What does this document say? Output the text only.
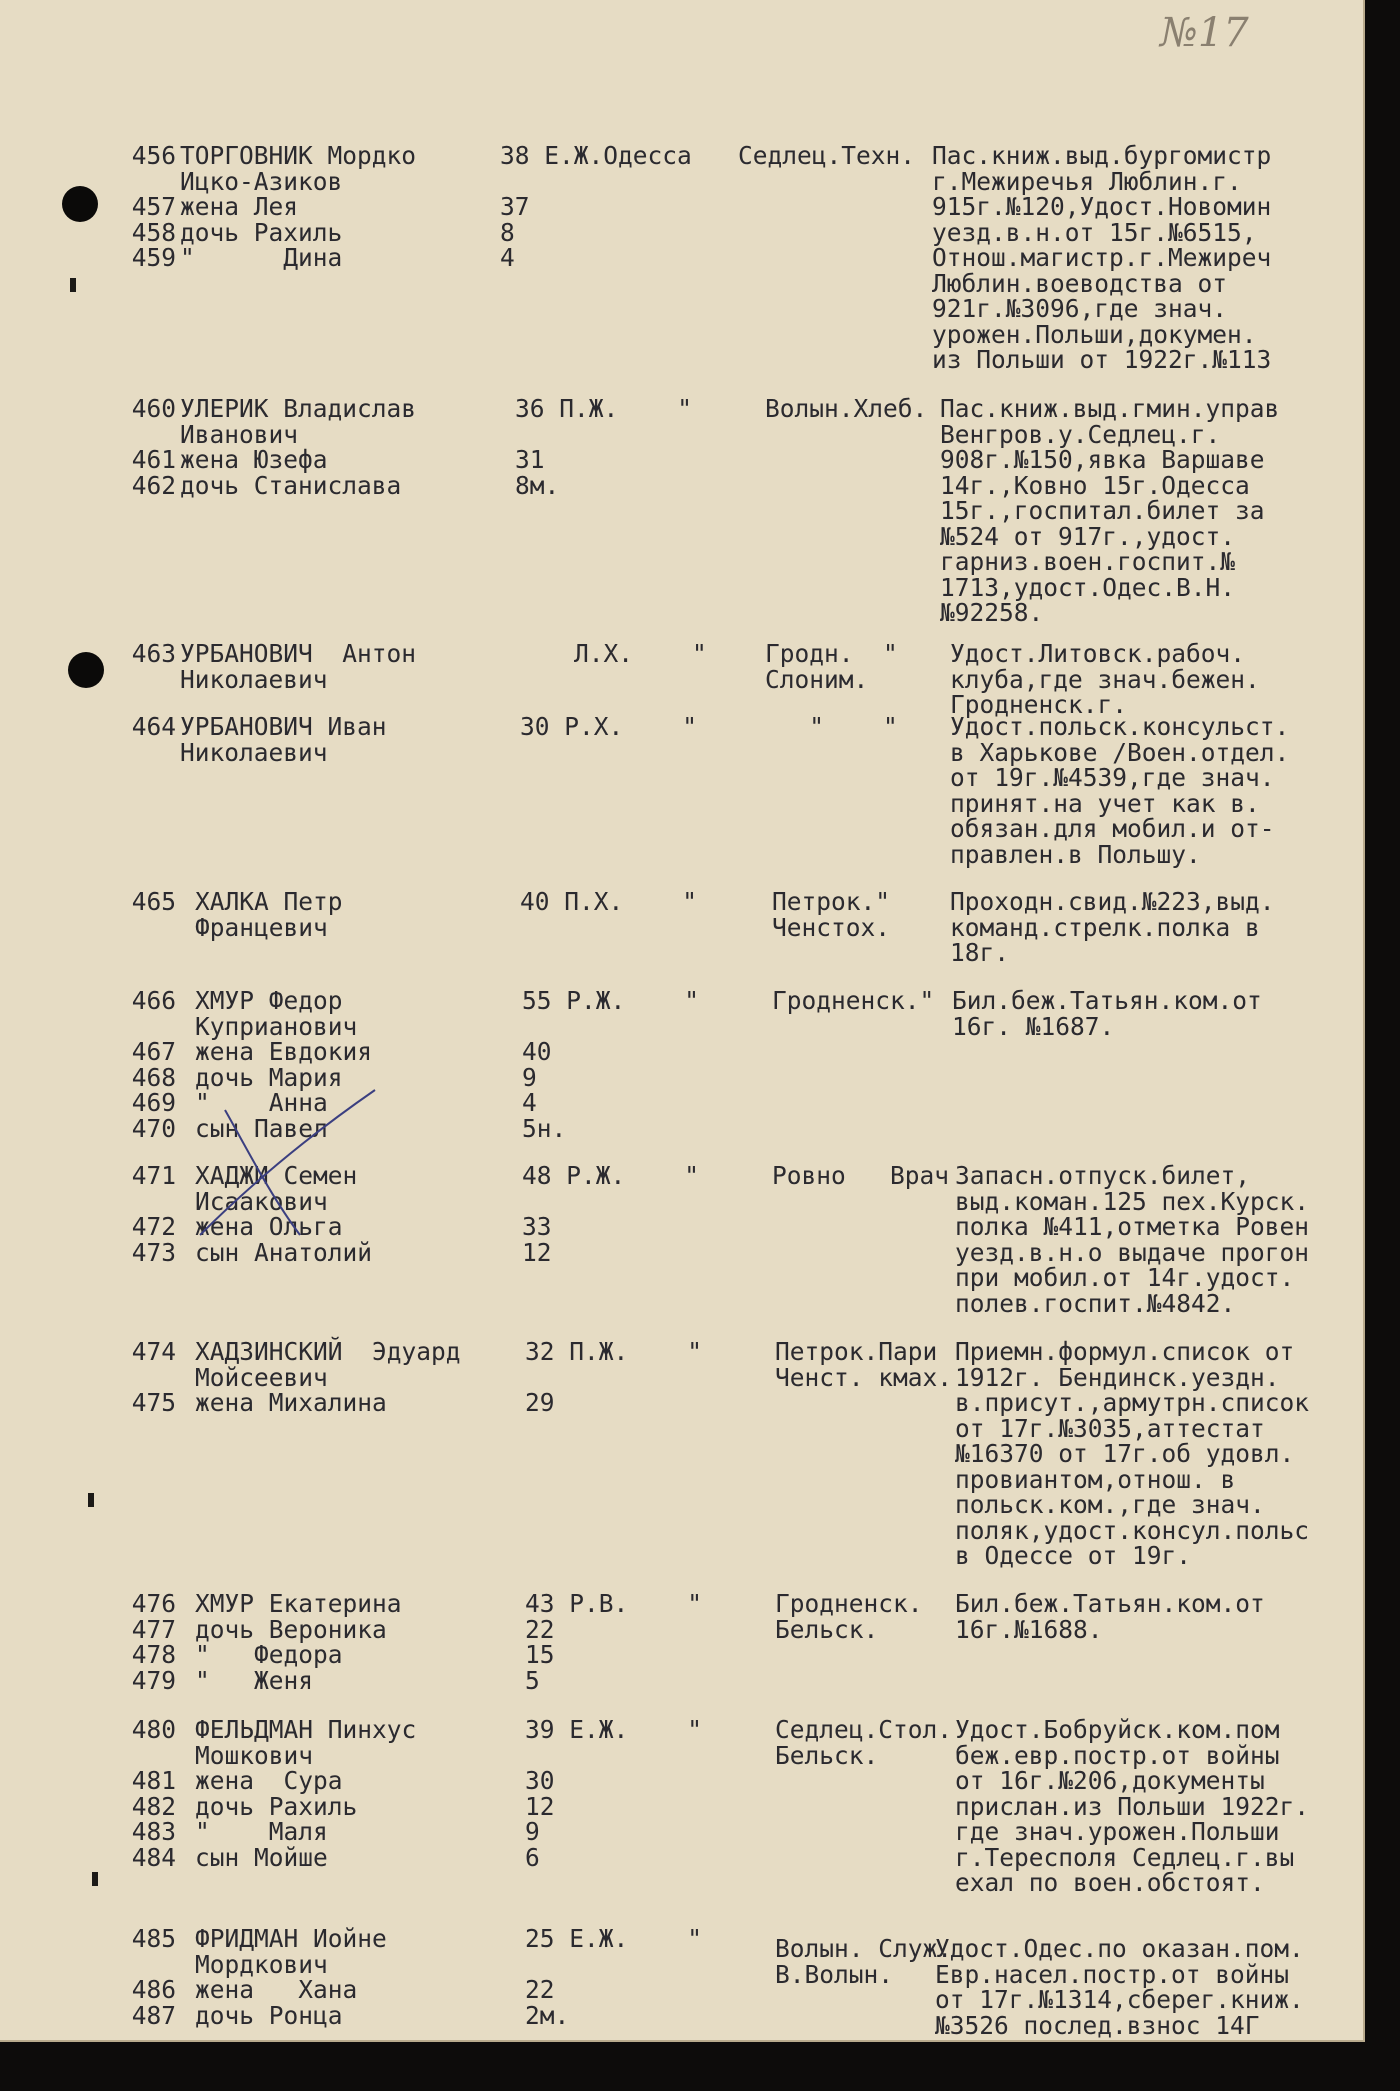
№17

456

457
458
459

ТОРГОВНИК Мордко
Ицко-Азиков
жена Лея
дочь Рахиль
"      Дина

38 Е.Ж.Одесса

37
8
4

Седлец.Техн.

Пас.книж.выд.бургомистр
г.Межиречья Люблин.г.
915г.№120,Удост.Новомин
уезд.в.н.от 15г.№6515,
Отнош.магистр.г.Межиреч
Люблин.воеводства от
921г.№3096,где знач.
урожен.Польши,докумен.
из Польши от 1922г.№113

460

461
462

УЛЕРИК Владислав
Иванович
жена Юзефа
дочь Станислава

36 П.Ж.    "

31
8м.

Волын.Хлеб.

Пас.книж.выд.гмин.управ
Венгров.у.Седлец.г.
908г.№150,явка Варшаве
14г.,Ковно 15г.Одесса
15г.,госпитал.билет за
№524 от 917г.,удост.
гарниз.воен.госпит.№
1713,удост.Одес.В.Н.
№92258.

463

УРБАНОВИЧ  Антон
Николаевич

Л.Х.    "

Гродн.  "
Слоним.

Удост.Литовск.рабоч.
клуба,где знач.бежен.
Гродненск.г.

464

УРБАНОВИЧ Иван
Николаевич

30 Р.Х.    "

	"    "

Удост.польск.консульст.
в Харькове /Воен.отдел.
от 19г.№4539,где знач.
принят.на учет как в.
обязан.для мобил.и от-
правлен.в Польшу.

465

ХАЛКА Петр
Францевич

40 П.Х.    "

	Петрок."
Ченстох.

Проходн.свид.№223,выд.
команд.стрелк.полка в
18г.

466

467
468
469
470

ХМУР Федор
Куприанович
жена Евдокия
дочь Мария
"    Анна
сын Павел

55 Р.Ж.    "

40
9
4
5н.

Гродненск."

Бил.беж.Татьян.ком.от
16г. №1687.

471

472
473

ХАДЖИ Семен
Исаакович
жена Ольга
сын Анатолий

48 Р.Ж.    "

33
12

Ровно   Врач

Запасн.отпуск.билет,
выд.коман.125 пех.Курск.
полка №411,отметка Ровен
уезд.в.н.о выдаче прогон
при мобил.от 14г.удост.
полев.госпит.№4842.

474

475

ХАДЗИНСКИЙ  Эдуард
Мойсеевич
жена Михалина

32 П.Ж.    "

29

Петрок.Пари
Ченст. кмах.

Приемн.формул.список от
1912г. Бендинск.уездн.
в.присут.,армутрн.список
от 17г.№3035,аттестат
№16370 от 17г.об удовл.
провиантом,отнош. в
польск.ком.,где знач.
поляк,удост.консул.польс
в Одессе от 19г.

476
477
478
479

ХМУР Екатерина
дочь Вероника
"   Федора
"   Женя

43 Р.В.    "
22
15
5

Гродненск.
Бельск.

Бил.беж.Татьян.ком.от
16г.№1688.

480

481
482
483
484

ФЕЛЬДМАН Пинхус
Мошкович
жена  Сура
дочь Рахиль
"    Маля
сын Мойше

39 Е.Ж.    "

30
12
9
6

Седлец.Стол.
Бельск.

Удост.Бобруйск.ком.пом
беж.евр.постр.от войны
от 16г.№206,документы
прислан.из Польши 1922г.
где знач.урожен.Польши
г.Тересполя Седлец.г.вы
ехал по воен.обстоят.

485

486
487

ФРИДМАН Иойне
Мордкович
жена   Хана
дочь Ронца

25 Е.Ж.    "

22
2м.

Волын. Служ.
В.Волын.

Удост.Одес.по оказан.пом.
Евр.насел.постр.от войны
от 17г.№1314,сберег.книж.
№3526 послед.взнос 14Г
